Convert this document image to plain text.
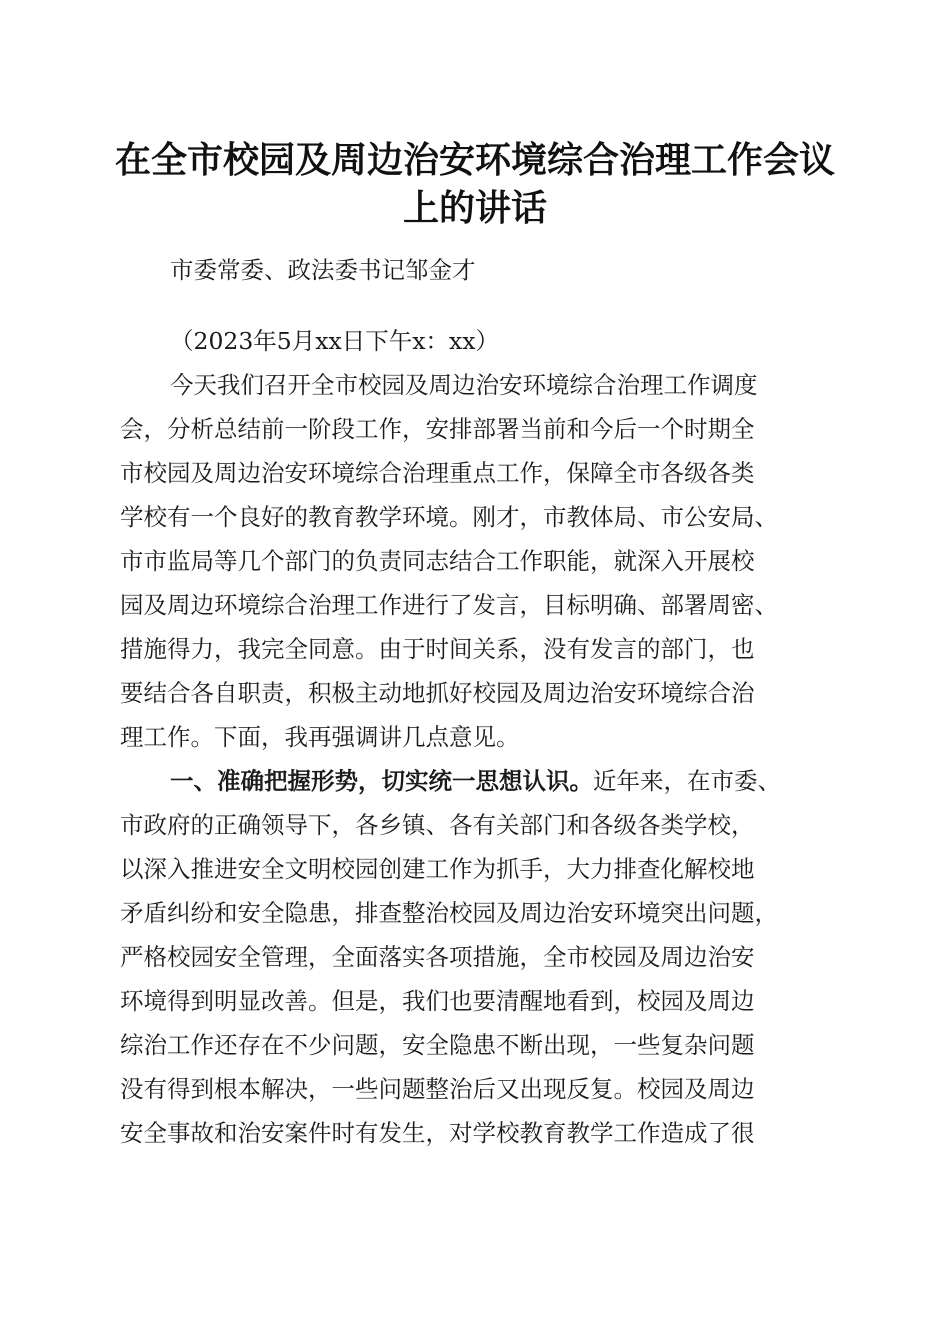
在全市校园及周边治安环境综合治理工作会议
上的讲话

市委常委、政法委书记邹金才

（2023年5月xx日下午x：xx）

今天我们召开全市校园及周边治安环境综合治理工作调度

会，分析总结前一阶段工作，安排部署当前和今后一个时期全

市校园及周边治安环境综合治理重点工作，保障全市各级各类

学校有一个良好的教育教学环境。刚才，市教体局、市公安局、

市市监局等几个部门的负责同志结合工作职能，就深入开展校

园及周边环境综合治理工作进行了发言，目标明确、部署周密、

措施得力，我完全同意。由于时间关系，没有发言的部门，也

要结合各自职责，积极主动地抓好校园及周边治安环境综合治

理工作。下面，我再强调讲几点意见。

一、准确把握形势，切实统一思想认识。近年来，在市委、

市政府的正确领导下，各乡镇、各有关部门和各级各类学校，

以深入推进安全文明校园创建工作为抓手，大力排查化解校地

矛盾纠纷和安全隐患，排查整治校园及周边治安环境突出问题，

严格校园安全管理，全面落实各项措施，全市校园及周边治安

环境得到明显改善。但是，我们也要清醒地看到，校园及周边

综治工作还存在不少问题，安全隐患不断出现，一些复杂问题

没有得到根本解决，一些问题整治后又出现反复。校园及周边

安全事故和治安案件时有发生，对学校教育教学工作造成了很
